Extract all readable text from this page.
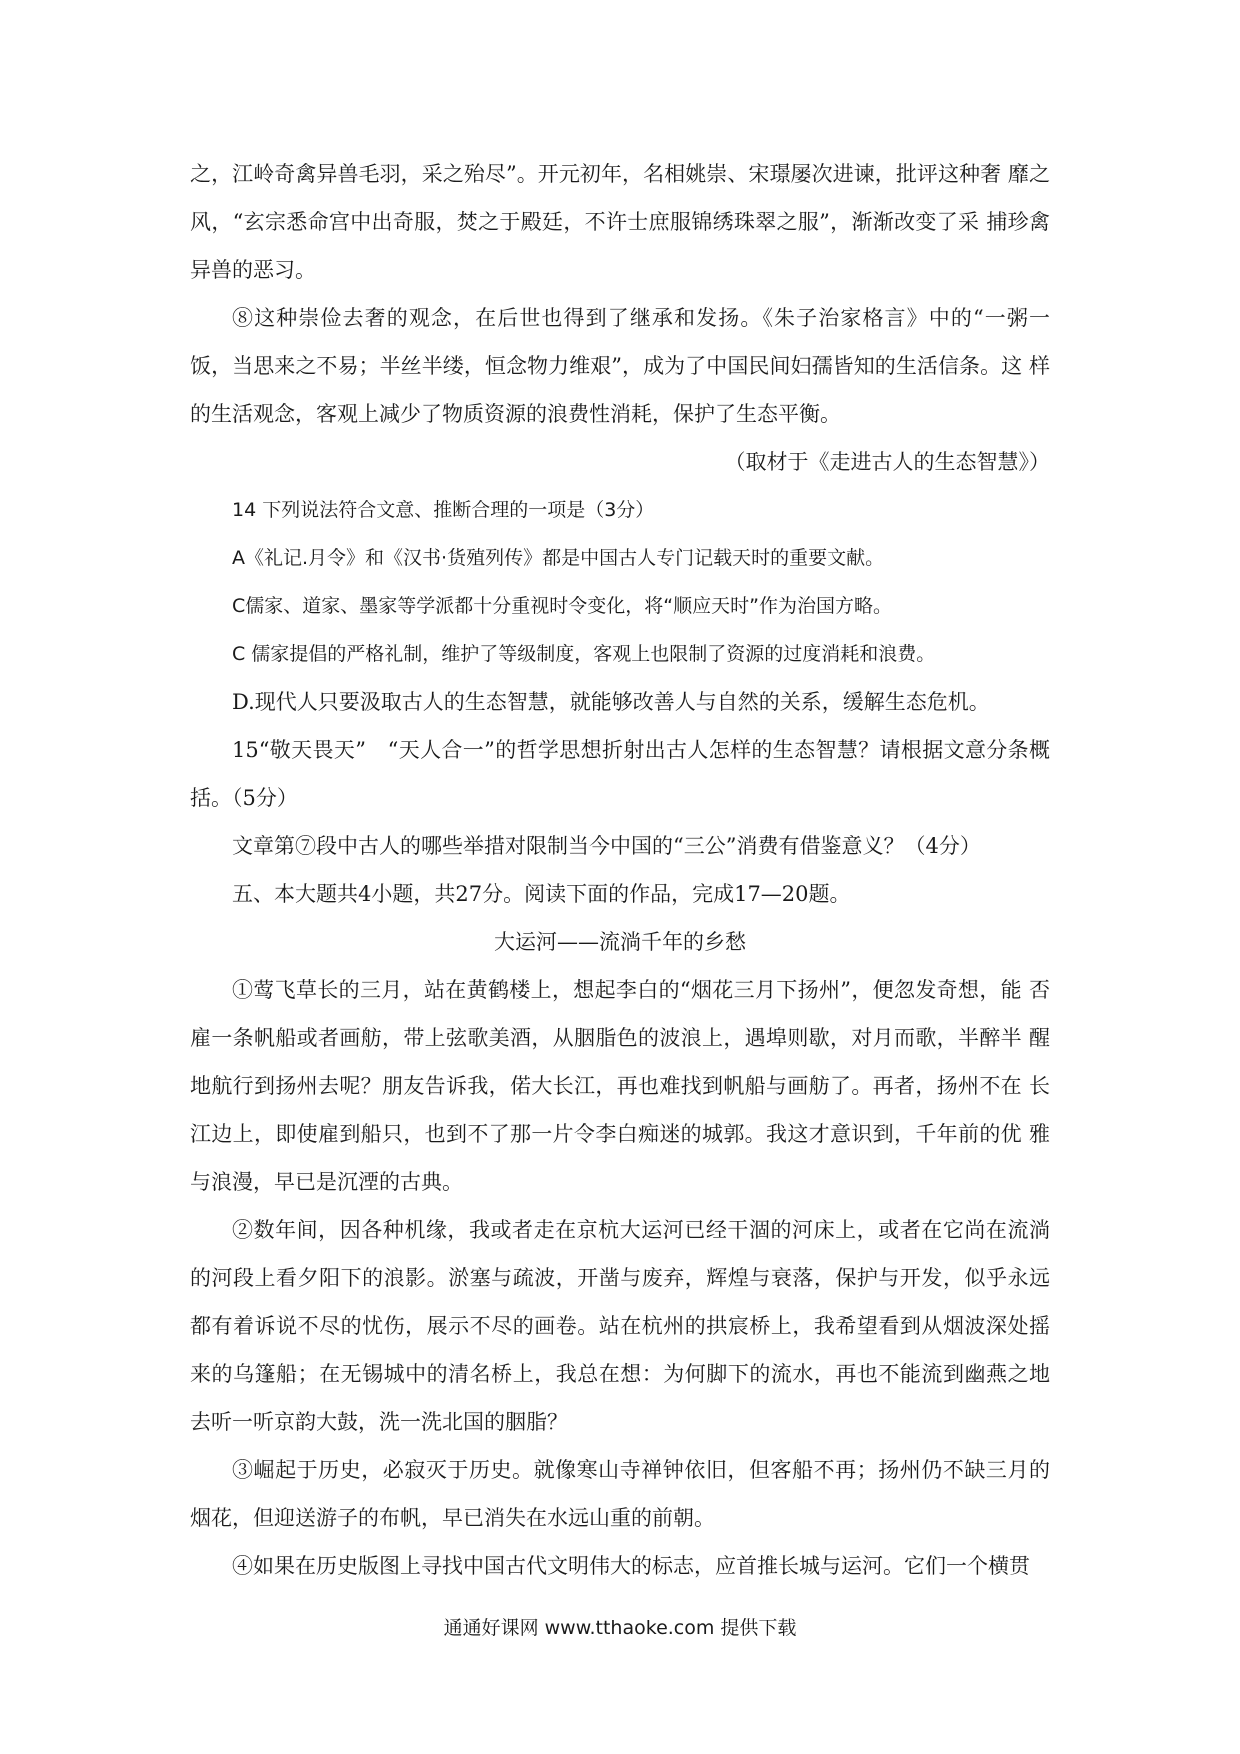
之，江岭奇禽异兽毛羽，采之殆尽”。开元初年，名相姚崇、宋璟屡次进谏，批评这种奢 靡之风，“玄宗悉命宫中出奇服，焚之于殿廷，不许士庶服锦绣珠翠之服”，渐渐改变了采 捕珍禽异兽的恶习。

⑧这种崇俭去奢的观念，在后世也得到了继承和发扬。《朱子治家格言》中的“一粥一 饭，当思来之不易；半丝半缕，恒念物力维艰”，成为了中国民间妇孺皆知的生活信条。这 样的生活观念，客观上减少了物质资源的浪费性消耗，保护了生态平衡。

（取材于《走进古人的生态智慧》）

14 下列说法符合文意、推断合理的一项是（3分）

A《礼记.月令》和《汉书·货殖列传》都是中国古人专门记载天时的重要文献。

C儒家、道家、墨家等学派都十分重视时令变化，将“顺应天时”作为治国方略。

C 儒家提倡的严格礼制，维护了等级制度，客观上也限制了资源的过度消耗和浪费。

D.现代人只要汲取古人的生态智慧，就能够改善人与自然的关系，缓解生态危机。

15“敬天畏天”　“天人合一”的哲学思想折射出古人怎样的生态智慧？请根据文意分条概 括。（5分）

文章第⑦段中古人的哪些举措对限制当今中国的“三公”消费有借鉴意义？（4分）

五、本大题共4小题，共27分。阅读下面的作品，完成17—20题。

大运河——流淌千年的乡愁

①莺飞草长的三月，站在黄鹤楼上，想起李白的“烟花三月下扬州”，便忽发奇想，能 否雇一条帆船或者画舫，带上弦歌美酒，从胭脂色的波浪上，遇埠则歇，对月而歌，半醉半 醒地航行到扬州去呢？朋友告诉我，偌大长江，再也难找到帆船与画舫了。再者，扬州不在 长江边上，即使雇到船只，也到不了那一片令李白痴迷的城郭。我这才意识到，千年前的优 雅与浪漫，早已是沉湮的古典。

②数年间，因各种机缘，我或者走在京杭大运河已经干涸的河床上，或者在它尚在流淌的河段上看夕阳下的浪影。淤塞与疏波，开凿与废弃，辉煌与衰落，保护与开发，似乎永远都有着诉说不尽的忧伤，展示不尽的画卷。站在杭州的拱宸桥上，我希望看到从烟波深处摇来的乌篷船；在无锡城中的清名桥上，我总在想：为何脚下的流水，再也不能流到幽燕之地去听一听京韵大鼓，洗一洗北国的胭脂？

③崛起于历史，必寂灭于历史。就像寒山寺禅钟依旧，但客船不再；扬州仍不缺三月的烟花，但迎送游子的布帆，早已消失在水远山重的前朝。

④如果在历史版图上寻找中国古代文明伟大的标志，应首推长城与运河。它们一个横贯

通通好课网 www.tthaoke.com 提供下载
